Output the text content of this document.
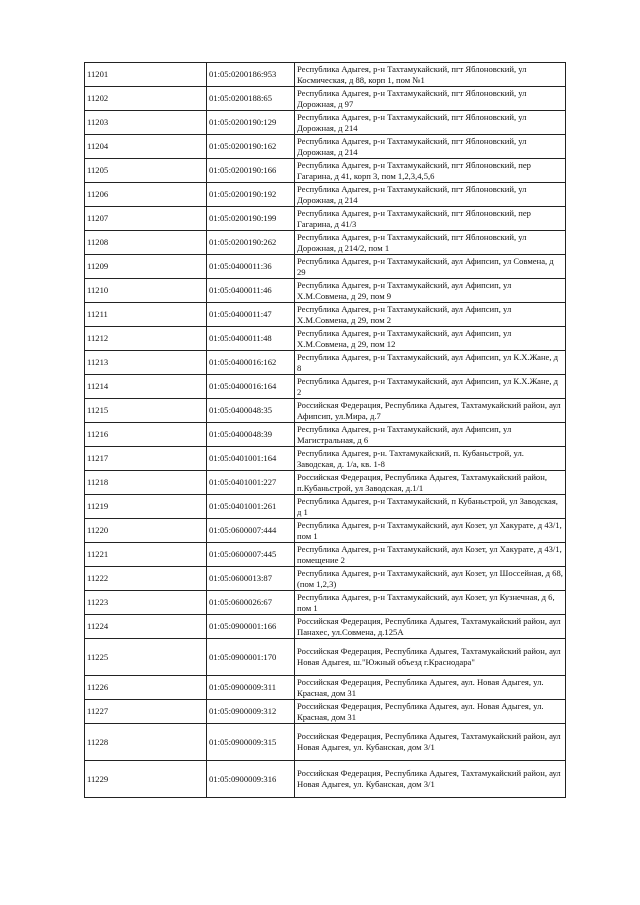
11201	01:05:0200186:953	Республика Адыгея, р-н Тахтамукайский, пгт Яблоновский, ул Космическая, д 88, корп 1, пом №1
11202	01:05:0200188:65	Республика Адыгея, р-н Тахтамукайский, пгт Яблоновский, ул Дорожная, д 97
11203	01:05:0200190:129	Республика Адыгея, р-н Тахтамукайский, пгт Яблоновский, ул Дорожная, д 214
11204	01:05:0200190:162	Республика Адыгея, р-н Тахтамукайский, пгт Яблоновский, ул Дорожная, д 214
11205	01:05:0200190:166	Республика Адыгея, р-н Тахтамукайский, пгт Яблоновский, пер Гагарина, д 41, корп 3, пом 1,2,3,4,5,6
11206	01:05:0200190:192	Республика Адыгея, р-н Тахтамукайский, пгт Яблоновский, ул Дорожная, д 214
11207	01:05:0200190:199	Республика Адыгея, р-н Тахтамукайский, пгт Яблоновский, пер Гагарина, д 41/3
11208	01:05:0200190:262	Республика Адыгея, р-н Тахтамукайский, пгт Яблоновский, ул Дорожная, д 214/2, пом 1
11209	01:05:0400011:36	Республика Адыгея, р-н Тахтамукайский, аул Афипсип, ул Совмена, д 29
11210	01:05:0400011:46	Республика Адыгея, р-н Тахтамукайский, аул Афипсип, ул Х.М.Совмена, д 29, пом 9
11211	01:05:0400011:47	Республика Адыгея, р-н Тахтамукайский, аул Афипсип, ул Х.М.Совмена, д 29, пом 2
11212	01:05:0400011:48	Республика Адыгея, р-н Тахтамукайский, аул Афипсип, ул Х.М.Совмена, д 29, пом 12
11213	01:05:0400016:162	Республика Адыгея, р-н Тахтамукайский, аул Афипсип, ул К.Х.Жане, д 8
11214	01:05:0400016:164	Республика Адыгея, р-н Тахтамукайский, аул Афипсип, ул К.Х.Жане, д 2
11215	01:05:0400048:35	Российская Федерация, Республика Адыгея, Тахтамукайский район, аул Афипсип, ул.Мира, д.7
11216	01:05:0400048:39	Республика Адыгея, р-н Тахтамукайский, аул Афипсип, ул Магистральная, д 6
11217	01:05:0401001:164	Республика Адыгея, р-н. Тахтамукайский, п. Кубаньстрой, ул. Заводская, д. 1/а, кв. 1-8
11218	01:05:0401001:227	Российская Федерация, Республика Адыгея, Тахтамукайский район, п.Кубаньстрой, ул Заводская, д.1/1
11219	01:05:0401001:261	Республика Адыгея, р-н Тахтамукайский, п Кубаньстрой, ул Заводская, д 1
11220	01:05:0600007:444	Республика Адыгея, р-н Тахтамукайский, аул Козет, ул Хакурате, д 43/1, пом 1
11221	01:05:0600007:445	Республика Адыгея, р-н Тахтамукайский, аул Козет, ул Хакурате, д 43/1, помещение 2
11222	01:05:0600013:87	Республика Адыгея, р-н Тахтамукайский, аул Козет, ул Шоссейная, д 68, (пом 1,2,3)
11223	01:05:0600026:67	Республика Адыгея, р-н Тахтамукайский, аул Козет, ул Кузнечная, д 6, пом 1
11224	01:05:0900001:166	Российская Федерация, Республика Адыгея, Тахтамукайский район, аул Панахес, ул.Совмена, д.125А
11225	01:05:0900001:170	Российская Федерация, Республика Адыгея, Тахтамукайский район, аул Новая Адыгея, ш."Южный объезд г.Краснодара"
11226	01:05:0900009:311	Российская Федерация, Республика Адыгея, аул. Новая Адыгея, ул. Красная, дом 31
11227	01:05:0900009:312	Российская Федерация, Республика Адыгея, аул. Новая Адыгея, ул. Красная, дом 31
11228	01:05:0900009:315	Российская Федерация, Республика Адыгея, Тахтамукайский район, аул Новая Адыгея, ул. Кубанская, дом 3/1
11229	01:05:0900009:316	Российская Федерация, Республика Адыгея, Тахтамукайский район, аул Новая Адыгея, ул. Кубанская, дом 3/1
